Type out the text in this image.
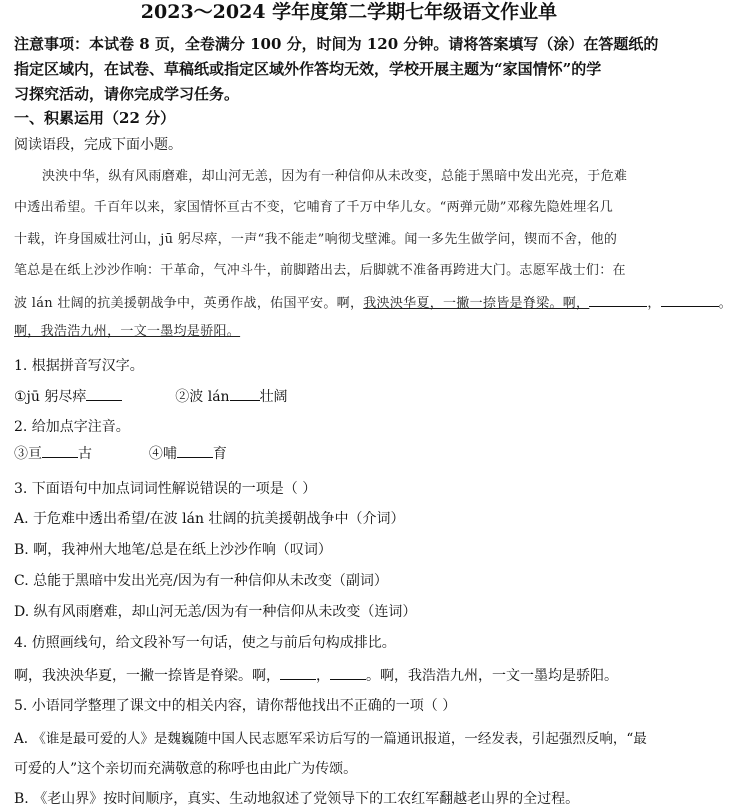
2023～2024 学年度第二学期七年级语文作业单
注意事项：本试卷 8 页，全卷满分 100 分，时间为 120 分钟。请将答案填写（涂）在答题纸的
指定区域内，在试卷、草稿纸或指定区域外作答均无效，学校开展主题为“家国情怀”的学
习探究活动，请你完成学习任务。
一、积累运用（22 分）
阅读语段，完成下面小题。
泱泱中华，纵有风雨磨难，却山河无恙，因为有一种信仰从未改变，总能于黑暗中发出光亮，于危难
中透出希望。千百年以来，家国情怀亘古不变，它哺育了千万中华儿女。“两弹元勋”邓稼先隐姓埋名几
十载，许身国威壮河山，jū 躬尽瘁，一声“我不能走”响彻戈壁滩。闻一多先生做学问，锲而不舍，他的
笔总是在纸上沙沙作响：干革命，气冲斗牛，前脚踏出去，后脚就不准备再跨进大门。志愿军战士们：在
波 lán 壮阔的抗美援朝战争中，英勇作战，佑国平安。啊，我泱泱华夏，一撇一捺皆是脊梁。啊，	，	。
啊，我浩浩九州，一文一墨均是骄阳。
1. 根据拼音写汉字。
①jū 躬尽瘁	②波 lán 壮阔
2. 给加点字注音。
③亘	古	④哺	育
3. 下面语句中加点词词性解说错误的一项是（ ）
A. 于危难中透出希望/在波 lán 壮阔的抗美援朝战争中（介词）
B. 啊，我神州大地笔/总是在纸上沙沙作响（叹词）
C. 总能于黑暗中发出光亮/因为有一种信仰从未改变（副词）
D. 纵有风雨磨难，却山河无恙/因为有一种信仰从未改变（连词）
4. 仿照画线句，给文段补写一句话，使之与前后句构成排比。
啊，我泱泱华夏，一撇一捺皆是脊梁。啊，	，	。啊，我浩浩九州，一文一墨均是骄阳。
5. 小语同学整理了课文中的相关内容，请你帮他找出不正确的一项（ ）
A. 《谁是最可爱的人》是魏巍随中国人民志愿军采访后写的一篇通讯报道，一经发表，引起强烈反响，“最
可爱的人”这个亲切而充满敬意的称呼也由此广为传颂。
B. 《老山界》按时间顺序，真实、生动地叙述了党领导下的工农红军翻越老山界的全过程。
